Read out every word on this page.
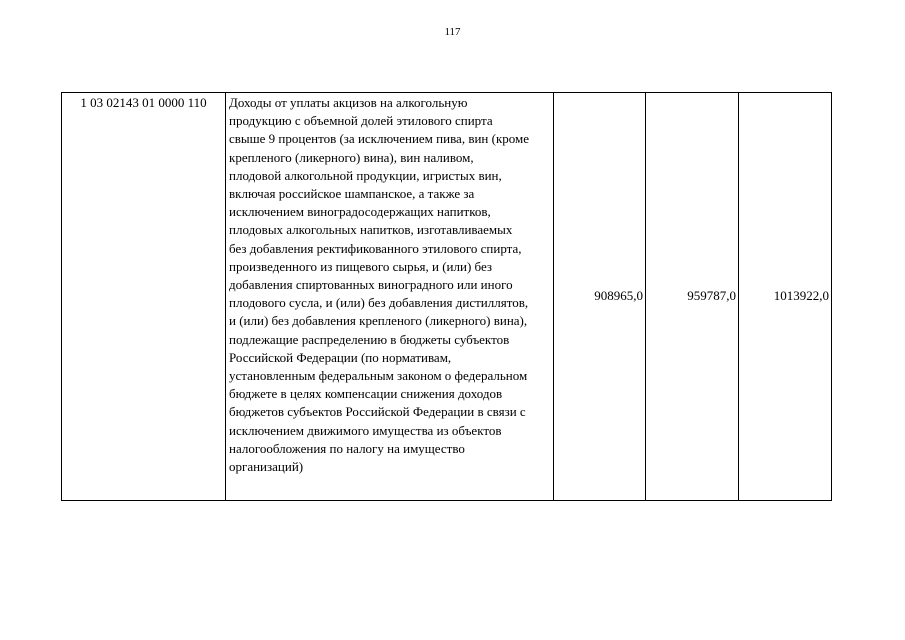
117
1 03 02143 01 0000 110	Доходы от уплаты акцизов на алкогольную
продукцию с объемной долей этилового спирта
свыше 9 процентов (за исключением пива, вин (кроме
крепленого (ликерного) вина), вин наливом,
плодовой алкогольной продукции, игристых вин,
включая российское шампанское, а также за
исключением виноградосодержащих напитков,
плодовых алкогольных напитков, изготавливаемых
без добавления ректификованного этилового спирта,
произведенного из пищевого сырья, и (или) без
добавления спиртованных виноградного или иного
плодового сусла, и (или) без добавления дистиллятов,
и (или) без добавления крепленого (ликерного) вина),
подлежащие распределению в бюджеты субъектов
Российской Федерации (по нормативам,
установленным федеральным законом о федеральном
бюджете в целях компенсации снижения доходов
бюджетов субъектов Российской Федерации в связи с
исключением движимого имущества из объектов
налогообложения по налогу на имущество
организаций)

908965,0	959787,0	1013922,0
